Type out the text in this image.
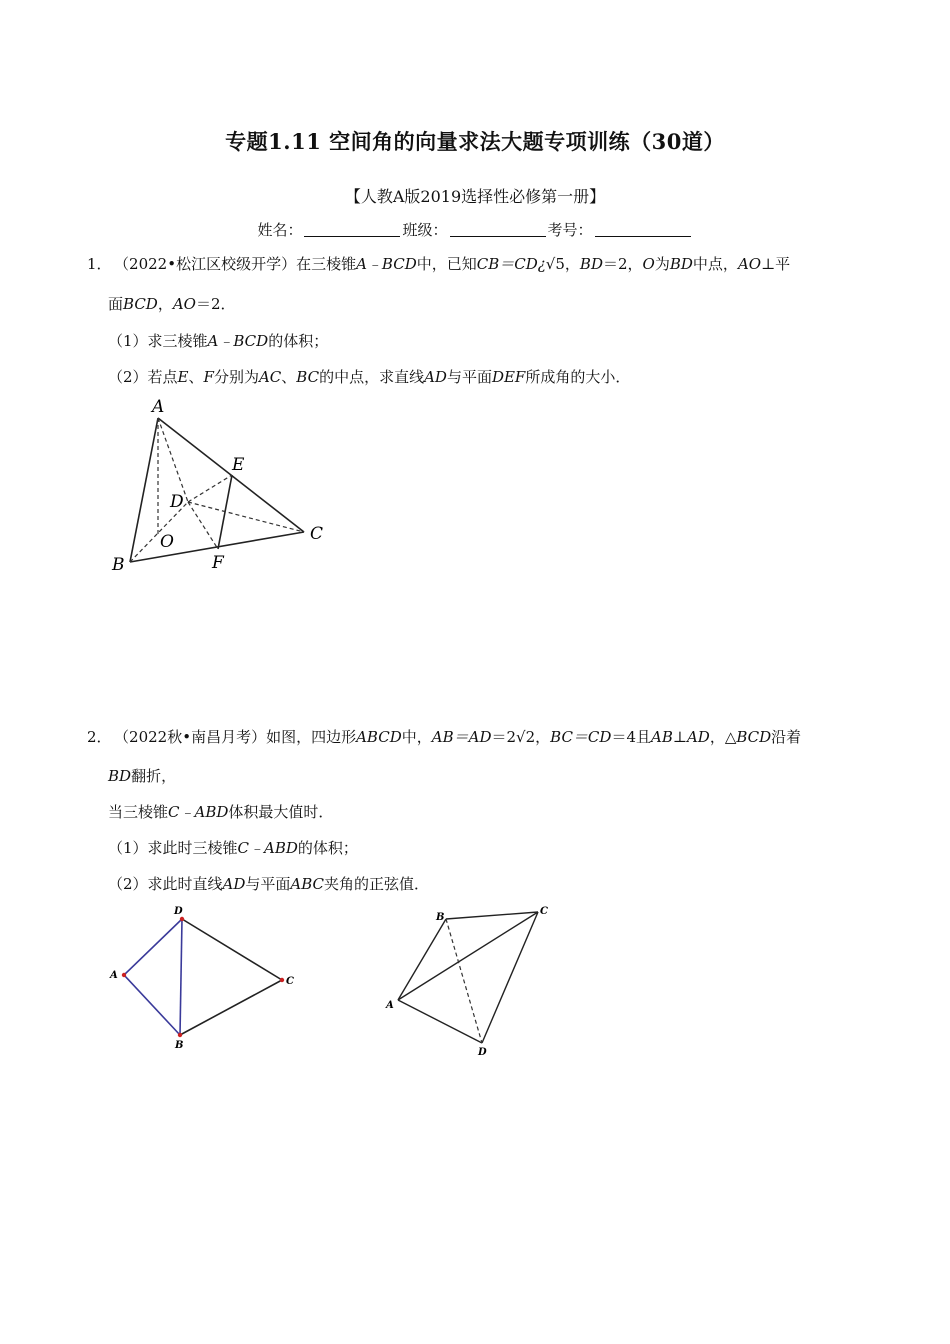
专题1.11 空间角的向量求法大题专项训练（30道）
【人教A版2019选择性必修第一册】
姓名：	班级：	考号：
1． （2022•松江区校级开学）在三棱锥A﹣BCD中，已知CB＝CD¿√5，BD＝2，O为BD中点，AO⊥平
面BCD，AO＝2．
（1）求三棱锥A﹣BCD的体积；
（2）若点E、F分别为AC、BC的中点，求直线AD与平面DEF所成角的大小．
A
B
C
D
E
F
O
2． （2022秋•南昌月考）如图，四边形ABCD中，AB＝AD＝2√2，BC＝CD＝4且AB⊥AD，△BCD沿着
BD翻折，
当三棱锥C﹣ABD体积最大值时．
（1）求此时三棱锥C﹣ABD的体积；
（2）求此时直线AD与平面ABC夹角的正弦值．
A
D
B
C
A
B
C
D
